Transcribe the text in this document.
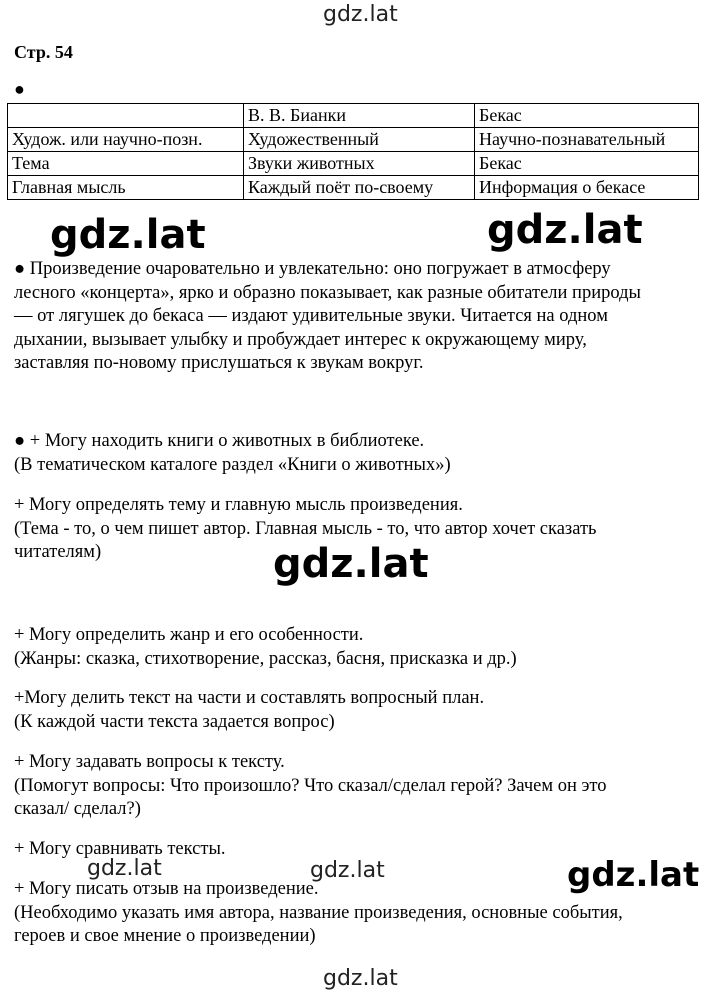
gdz.lat
gdz.lat	gdz.lat
gdz.lat
gdz.lat	gdz.lat	gdz.lat
gdz.lat
Стр. 54
●
	В. В. Бианки	Бекас
Худож. или научно-позн.	Художественный	Научно-познавательный
Тема	Звуки животных	Бекас
Главная мысль	Каждый поёт по-своему	Информация о бекасе
● Произведение очаровательно и увлекательно: оно погружает в атмосферу
лесного «концерта», ярко и образно показывает, как разные обитатели природы
— от лягушек до бекаса — издают удивительные звуки. Читается на одном
дыхании, вызывает улыбку и пробуждает интерес к окружающему миру,
заставляя по-новому прислушаться к звукам вокруг.
● + Могу находить книги о животных в библиотеке.
(В тематическом каталоге раздел «Книги о животных»)
+ Могу определять тему и главную мысль произведения.
(Тема - то, о чем пишет автор. Главная мысль - то, что автор хочет сказать
читателям)
+ Могу определить жанр и его особенности.
(Жанры: сказка, стихотворение, рассказ, басня, присказка и др.)
+Могу делить текст на части и составлять вопросный план.
(К каждой части текста задается вопрос)
+ Могу задавать вопросы к тексту.
(Помогут вопросы: Что произошло? Что сказал/сделал герой? Зачем он это
сказал/ сделал?)
+ Могу сравнивать тексты.
+ Могу писать отзыв на произведение.
(Необходимо указать имя автора, название произведения, основные события,
героев и свое мнение о произведении)
